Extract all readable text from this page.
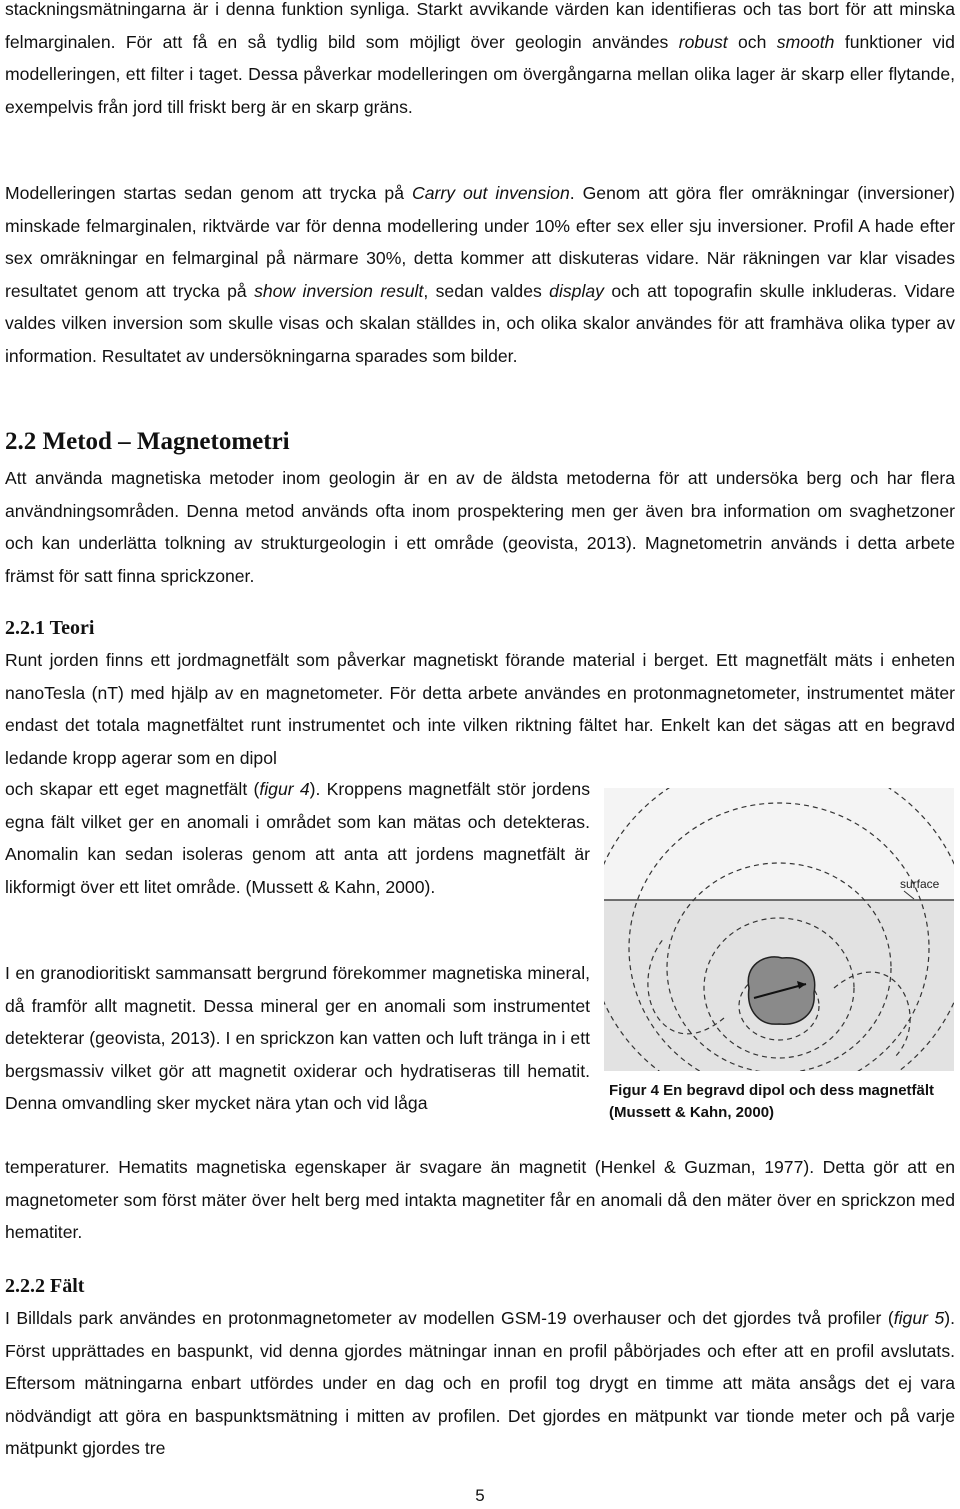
stackningsmätningarna är i denna funktion synliga. Starkt avvikande värden kan identifieras och tas bort för att minska felmarginalen. För att få en så tydlig bild som möjligt över geologin användes robust och smooth funktioner vid modelleringen, ett filter i taget. Dessa påverkar modelleringen om övergångarna mellan olika lager är skarp eller flytande, exempelvis från jord till friskt berg är en skarp gräns.

Modelleringen startas sedan genom att trycka på Carry out invension. Genom att göra fler omräkningar (inversioner) minskade felmarginalen, riktvärde var för denna modellering under 10% efter sex eller sju inversioner. Profil A hade efter sex omräkningar en felmarginal på närmare 30%, detta kommer att diskuteras vidare. När räkningen var klar visades resultatet genom att trycka på show inversion result, sedan valdes display och att topografin skulle inkluderas. Vidare valdes vilken inversion som skulle visas och skalan ställdes in, och olika skalor användes för att framhäva olika typer av information. Resultatet av undersökningarna sparades som bilder.

2.2 Metod – Magnetometri

Att använda magnetiska metoder inom geologin är en av de äldsta metoderna för att undersöka berg och har flera användningsområden. Denna metod används ofta inom prospektering men ger även bra information om svaghetzoner och kan underlätta tolkning av strukturgeologin i ett område (geovista, 2013). Magnetometrin används i detta arbete främst för satt finna sprickzoner.

2.2.1 Teori

Runt jorden finns ett jordmagnetfält som påverkar magnetiskt förande material i berget. Ett magnetfält mäts i enheten nanoTesla (nT) med hjälp av en magnetometer. För detta arbete användes en protonmagnetometer, instrumentet mäter endast det totala magnetfältet runt instrumentet och inte vilken riktning fältet har. Enkelt kan det sägas att en begravd ledande kropp agerar som en dipol

och skapar ett eget magnetfält (figur 4). Kroppens magnetfält stör jordens egna fält vilket ger en anomali i området som kan mätas och detekteras. Anomalin kan sedan isoleras genom att anta att jordens magnetfält är likformigt över ett litet område. (Mussett & Kahn, 2000).

I en granodioritiskt sammansatt bergrund förekommer magnetiska mineral, då framför allt magnetit. Dessa mineral ger en anomali som instrumentet detekterar (geovista, 2013). I en sprickzon kan vatten och luft tränga in i ett bergsmassiv vilket gör att magnetit oxiderar och hydratiseras till hematit. Denna omvandling sker mycket nära ytan och vid låga

temperaturer. Hematits magnetiska egenskaper är svagare än magnetit (Henkel & Guzman, 1977). Detta gör att en magnetometer som först mäter över helt berg med intakta magnetiter får en anomali då den mäter över en sprickzon med hematiter.

surface

Figur 4 En begravd dipol och dess magnetfält (Mussett & Kahn, 2000)

2.2.2 Fält

I Billdals park användes en protonmagnetometer av modellen GSM-19 overhauser och det gjordes två profiler (figur 5). Först upprättades en baspunkt, vid denna gjordes mätningar innan en profil påbörjades och efter att en profil avslutats. Eftersom mätningarna enbart utfördes under en dag och en profil tog drygt en timme att mäta ansågs det ej vara nödvändigt att göra en baspunktsmätning i mitten av profilen. Det gjordes en mätpunkt var tionde meter och på varje mätpunkt gjordes tre

5
